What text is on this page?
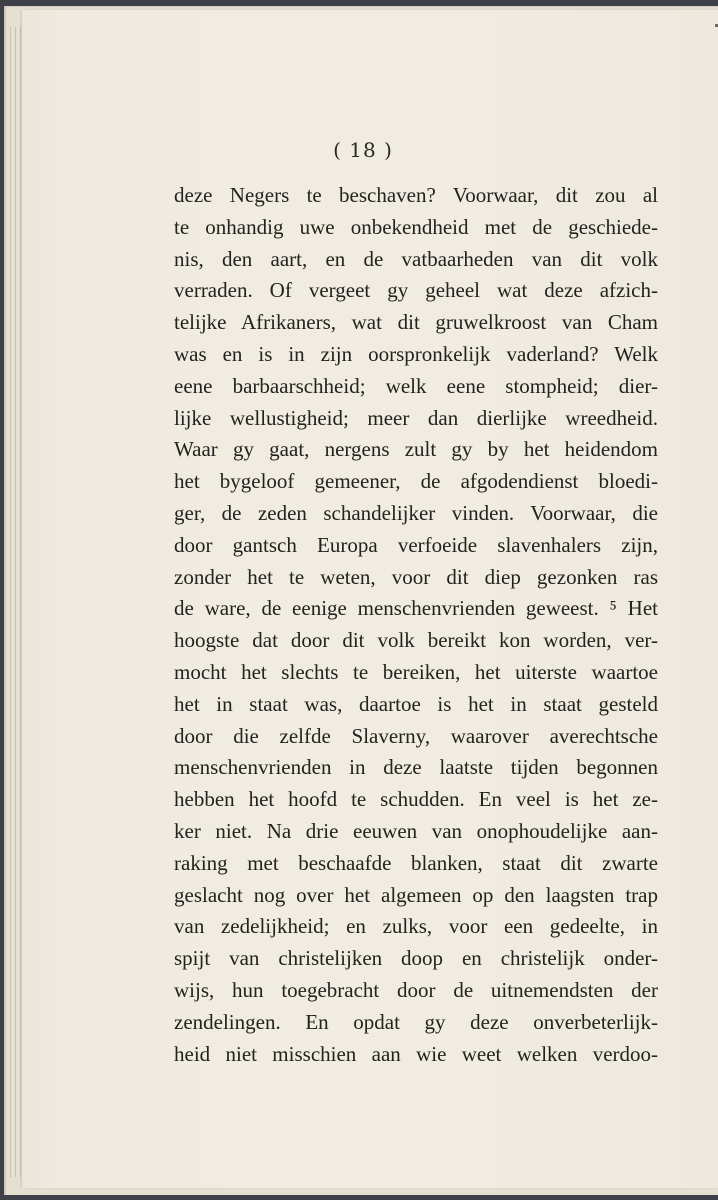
( 18 )
deze Negers te beschaven? Voorwaar, dit zou al
te onhandig uwe onbekendheid met de geschiede-
nis, den aart, en de vatbaarheden van dit volk
verraden. Of vergeet gy geheel wat deze afzich-
telijke Afrikaners, wat dit gruwelkroost van Cham
was en is in zijn oorspronkelijk vaderland? Welk
eene barbaarschheid; welk eene stompheid; dier-
lijke wellustigheid; meer dan dierlijke wreedheid.
Waar gy gaat, nergens zult gy by het heidendom
het bygeloof gemeener, de afgodendienst bloedi-
ger, de zeden schandelijker vinden. Voorwaar, die
door gantsch Europa verfoeide slavenhalers zijn,
zonder het te weten, voor dit diep gezonken ras
de ware, de eenige menschenvrienden geweest. ⁵ Het
hoogste dat door dit volk bereikt kon worden, ver-
mocht het slechts te bereiken, het uiterste waartoe
het in staat was, daartoe is het in staat gesteld
door die zelfde Slaverny, waarover averechtsche
menschenvrienden in deze laatste tijden begonnen
hebben het hoofd te schudden. En veel is het ze-
ker niet. Na drie eeuwen van onophoudelijke aan-
raking met beschaafde blanken, staat dit zwarte
geslacht nog over het algemeen op den laagsten trap
van zedelijkheid; en zulks, voor een gedeelte, in
spijt van christelijken doop en christelijk onder-
wijs, hun toegebracht door de uitnemendsten der
zendelingen. En opdat gy deze onverbeterlijk-
heid niet misschien aan wie weet welken verdoo-
